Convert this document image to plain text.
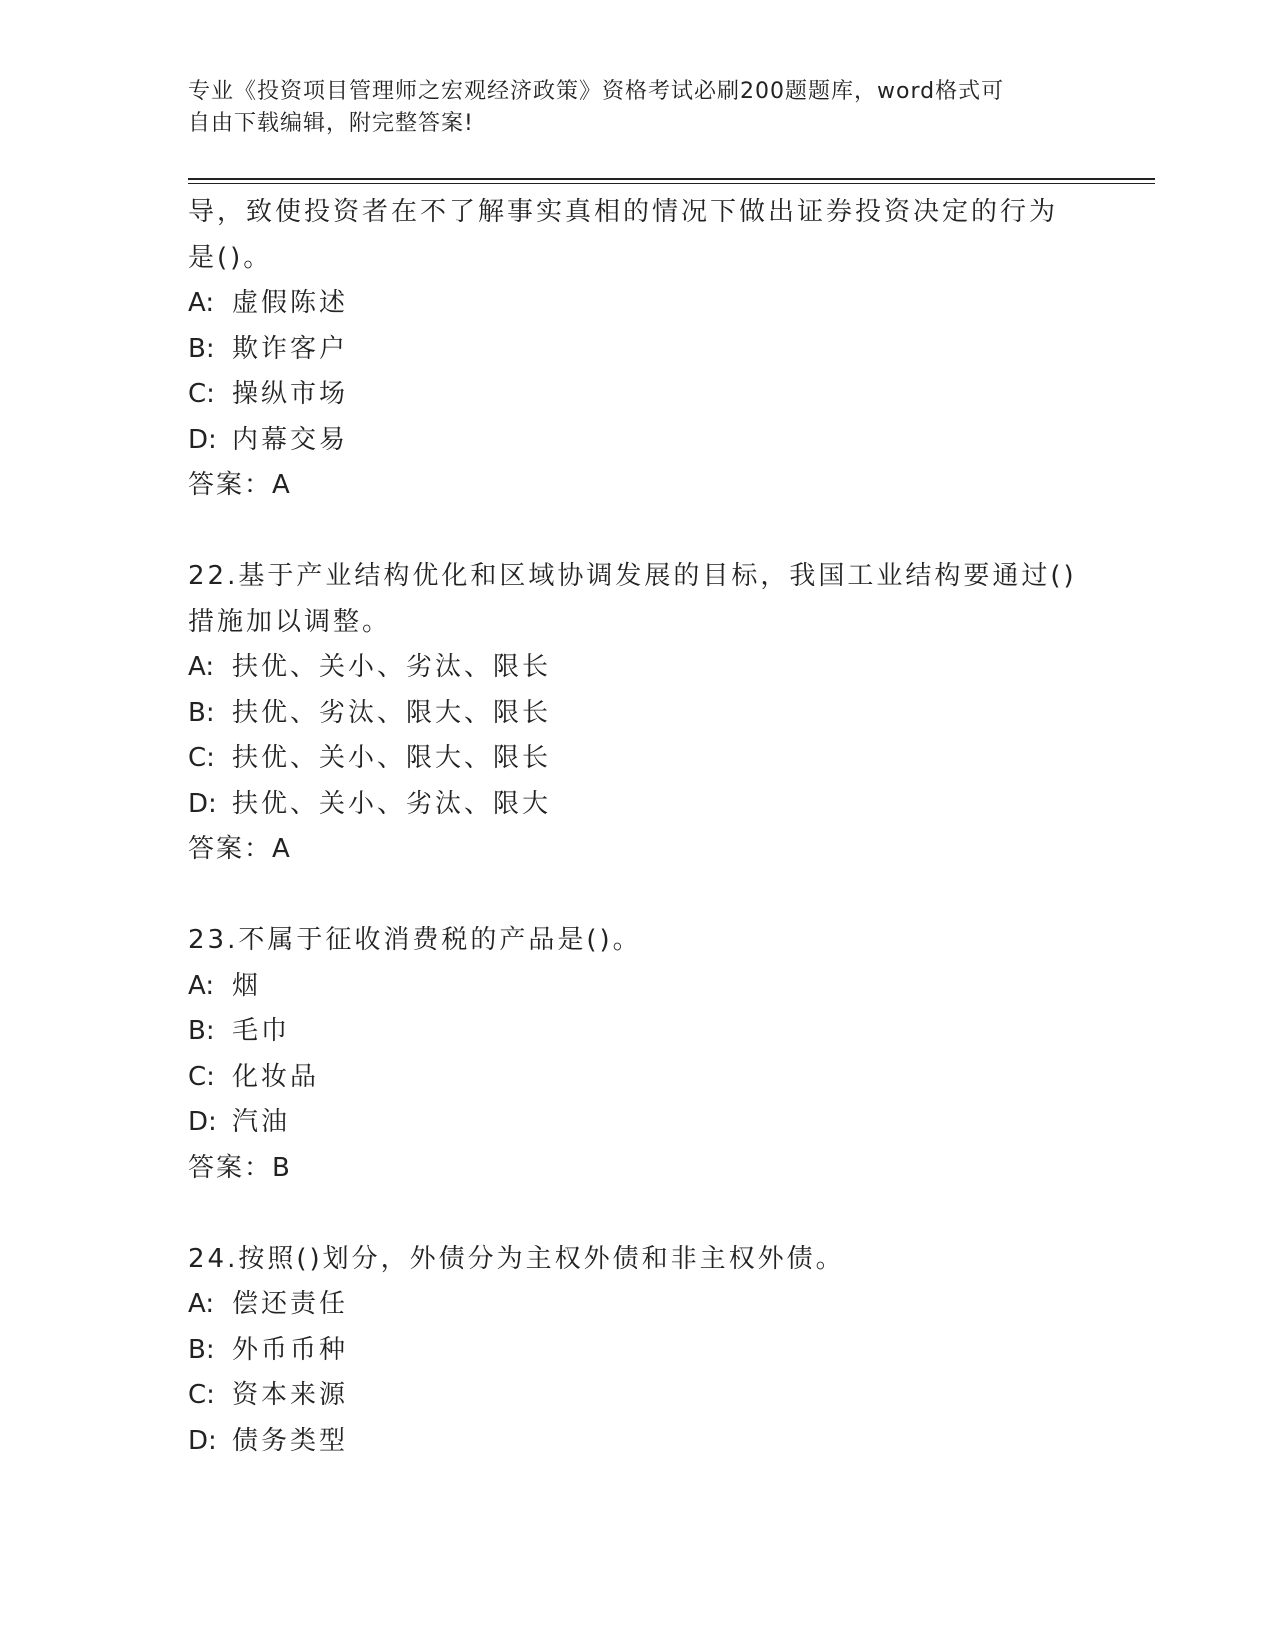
专业《投资项目管理师之宏观经济政策》资格考试必刷200题题库，word格式可
自由下载编辑，附完整答案!
导，致使投资者在不了解事实真相的情况下做出证券投资决定的行为
是()。
A: 虚假陈述
B: 欺诈客户
C: 操纵市场
D: 内幕交易
答案：A
22.基于产业结构优化和区域协调发展的目标，我国工业结构要通过()
措施加以调整。
A: 扶优、关小、劣汰、限长
B: 扶优、劣汰、限大、限长
C: 扶优、关小、限大、限长
D: 扶优、关小、劣汰、限大
答案：A
23.不属于征收消费税的产品是()。
A: 烟
B: 毛巾
C: 化妆品
D: 汽油
答案：B
24.按照()划分，外债分为主权外债和非主权外债。
A: 偿还责任
B: 外币币种
C: 资本来源
D: 债务类型
